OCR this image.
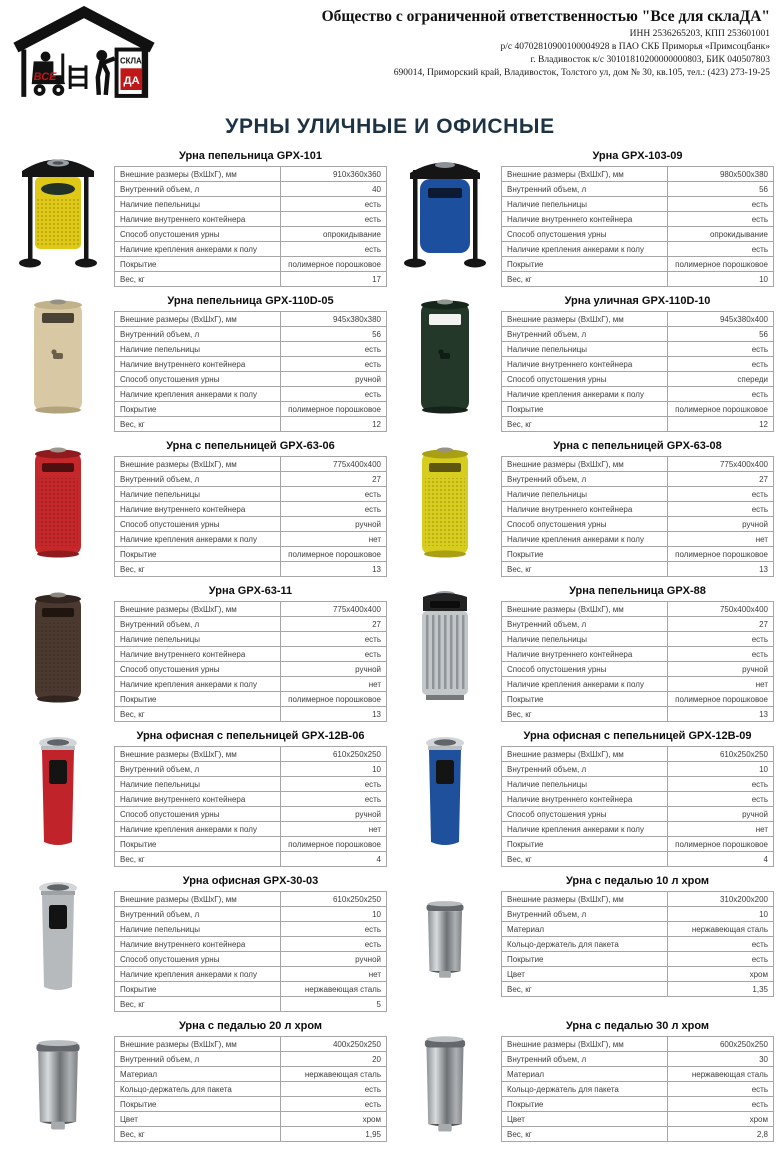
ВСЕ
СКЛА
ДА
Общество с ограниченной ответственностью "Все для склаДА"
ИНН 2536265203, КПП 253601001
р/с 40702810900100004928 в ПАО СКБ Приморья «Примсоцбанк»
г. Владивосток к/с 30101810200000000803, БИК 040507803
690014, Приморский край, Владивосток, Толстого ул, дом № 30, кв.105, тел.: (423) 273-19-25
УРНЫ УЛИЧНЫЕ И ОФИСНЫЕ
Урна пепельница GPX-101
Внешние размеры (ВхШхГ), мм	910х360х360
Внутренний объем, л	40
Наличие пепельницы	есть
Наличие внутреннего контейнера	есть
Способ опустошения урны	опрокидывание
Наличие крепления анкерами к полу	есть
Покрытие	полимерное порошковое
Вес, кг	17
Урна GPX-103-09
Внешние размеры (ВхШхГ), мм	980х500х380
Внутренний объем, л	56
Наличие пепельницы	есть
Наличие внутреннего контейнера	есть
Способ опустошения урны	опрокидывание
Наличие крепления анкерами к полу	есть
Покрытие	полимерное порошковое
Вес, кг	10
Урна пепельница GPX-110D-05
Внешние размеры (ВхШхГ), мм	945х380х380
Внутренний объем, л	56
Наличие пепельницы	есть
Наличие внутреннего контейнера	есть
Способ опустошения урны	ручной
Наличие крепления анкерами к полу	есть
Покрытие	полимерное порошковое
Вес, кг	12
Урна уличная GPX-110D-10
Внешние размеры (ВхШхГ), мм	945х380х400
Внутренний объем, л	56
Наличие пепельницы	есть
Наличие внутреннего контейнера	есть
Способ опустошения урны	спереди
Наличие крепления анкерами к полу	есть
Покрытие	полимерное порошковое
Вес, кг	12
Урна с пепельницей GPX-63-06
Внешние размеры (ВхШхГ), мм	775х400х400
Внутренний объем, л	27
Наличие пепельницы	есть
Наличие внутреннего контейнера	есть
Способ опустошения урны	ручной
Наличие крепления анкерами к полу	нет
Покрытие	полимерное порошковое
Вес, кг	13
Урна с пепельницей GPX-63-08
Внешние размеры (ВхШхГ), мм	775х400х400
Внутренний объем, л	27
Наличие пепельницы	есть
Наличие внутреннего контейнера	есть
Способ опустошения урны	ручной
Наличие крепления анкерами к полу	нет
Покрытие	полимерное порошковое
Вес, кг	13
Урна GPX-63-11
Внешние размеры (ВхШхГ), мм	775х400х400
Внутренний объем, л	27
Наличие пепельницы	есть
Наличие внутреннего контейнера	есть
Способ опустошения урны	ручной
Наличие крепления анкерами к полу	нет
Покрытие	полимерное порошковое
Вес, кг	13
Урна пепельница GPX-88
Внешние размеры (ВхШхГ), мм	750х400х400
Внутренний объем, л	27
Наличие пепельницы	есть
Наличие внутреннего контейнера	есть
Способ опустошения урны	ручной
Наличие крепления анкерами к полу	нет
Покрытие	полимерное порошковое
Вес, кг	13
Урна офисная с пепельницей GPX-12B-06
Внешние размеры (ВхШхГ), мм	610х250х250
Внутренний объем, л	10
Наличие пепельницы	есть
Наличие внутреннего контейнера	есть
Способ опустошения урны	ручной
Наличие крепления анкерами к полу	нет
Покрытие	полимерное порошковое
Вес, кг	4
Урна офисная с пепельницей GPX-12B-09
Внешние размеры (ВхШхГ), мм	610х250х250
Внутренний объем, л	10
Наличие пепельницы	есть
Наличие внутреннего контейнера	есть
Способ опустошения урны	ручной
Наличие крепления анкерами к полу	нет
Покрытие	полимерное порошковое
Вес, кг	4
Урна офисная GPX-30-03
Внешние размеры (ВхШхГ), мм	610х250х250
Внутренний объем, л	10
Наличие пепельницы	есть
Наличие внутреннего контейнера	есть
Способ опустошения урны	ручной
Наличие крепления анкерами к полу	нет
Покрытие	нержавеющая сталь
Вес, кг	5
Урна с педалью 10 л хром
Внешние размеры (ВхШхГ), мм	310х200х200
Внутренний объем, л	10
Материал	нержавеющая сталь
Кольцо-держатель для пакета	есть
Покрытие	есть
Цвет	хром
Вес, кг	1,35
Урна с педалью 20 л хром
Внешние размеры (ВхШхГ), мм	400х250х250
Внутренний объем, л	20
Материал	нержавеющая сталь
Кольцо-держатель для пакета	есть
Покрытие	есть
Цвет	хром
Вес, кг	1,95
Урна с педалью 30 л хром
Внешние размеры (ВхШхГ), мм	600х250х250
Внутренний объем, л	30
Материал	нержавеющая сталь
Кольцо-держатель для пакета	есть
Покрытие	есть
Цвет	хром
Вес, кг	2,8
